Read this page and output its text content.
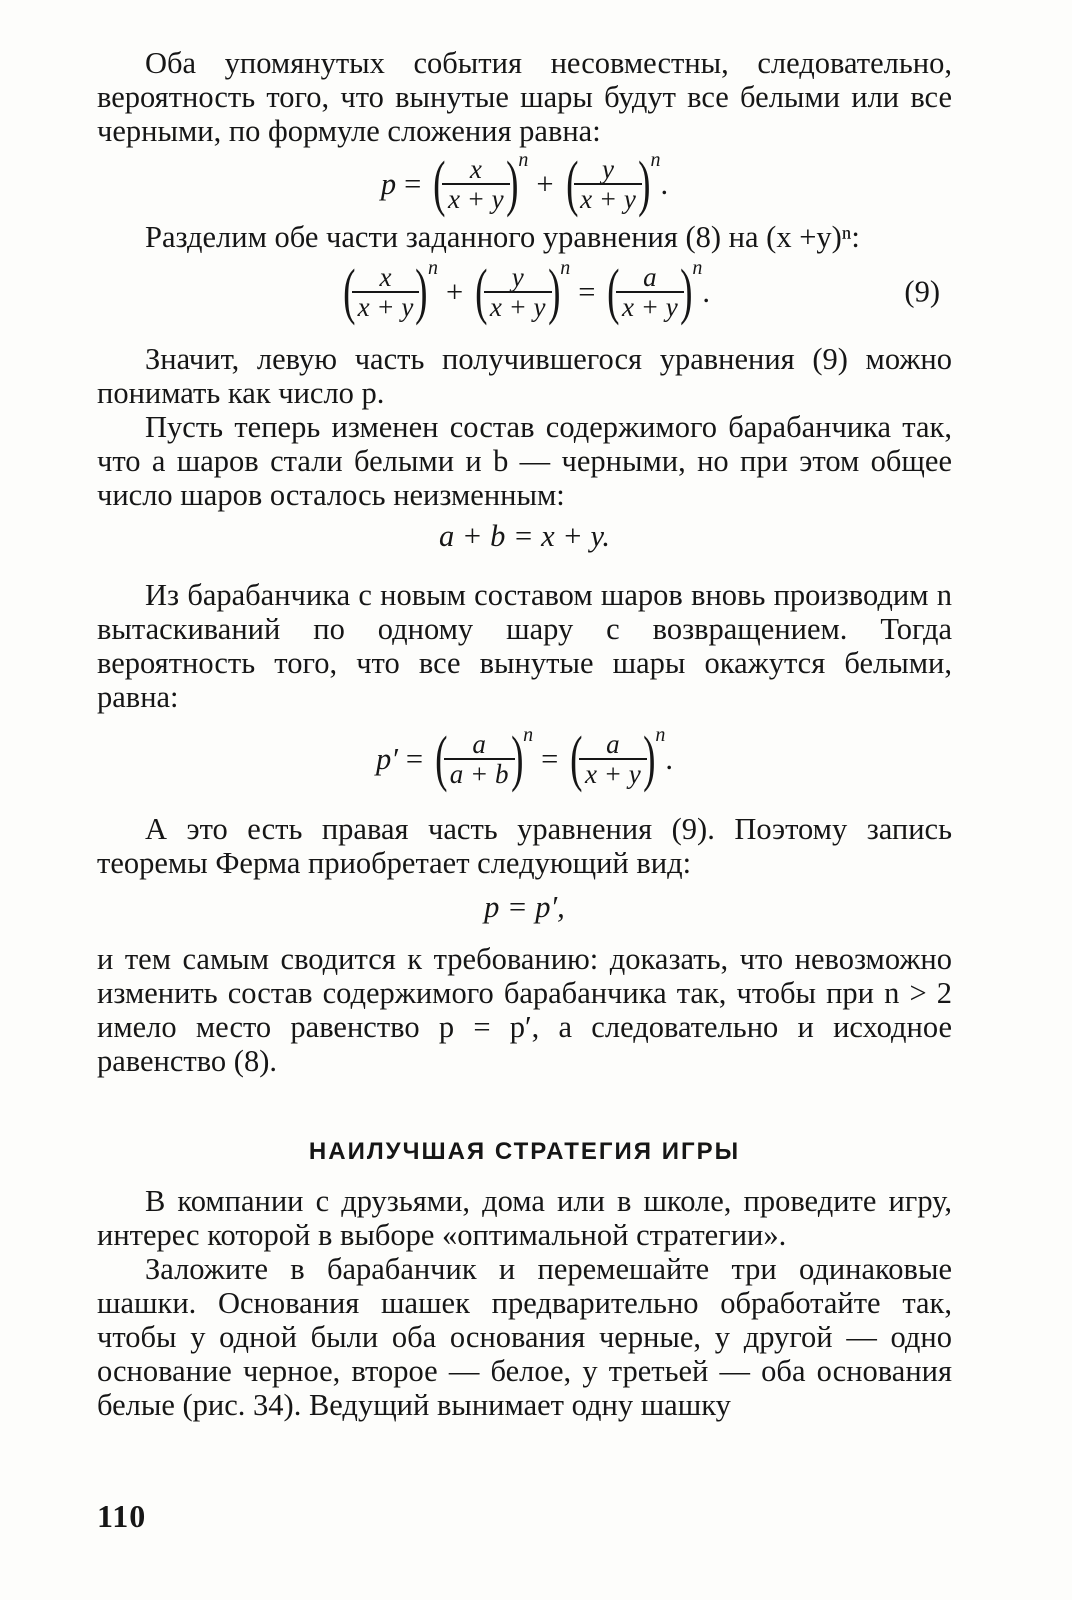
Оба упомянутых события несовместны, следовательно, вероятность того, что вынутые шары будут все белыми или все черными, по формуле сложения равна:

p = (
$\frac{x}{x + y}$
) n
+ (
$\frac{y}{x + y}$
) n
.

Разделим обе части заданного уравнения (8) на (x +y)ⁿ:

(
$\frac{x}{x + y}$
) n
+ (
$\frac{y}{x + y}$
) n
= (
$\frac{a}{x + y}$
) n
.	(9)

Значит, левую часть получившегося уравнения (9) можно понимать как число p.

Пусть теперь изменен состав содержимого барабанчика так, что a шаров стали белыми и b — черными, но при этом общее число шаров осталось неизменным:

a + b = x + y.

Из барабанчика с новым составом шаров вновь производим n вытаскиваний по одному шару с возвращением. Тогда вероятность того, что все вынутые шары окажутся белыми, равна:

p′ = (
$\frac{a}{a + b}$
) n
= (
$\frac{a}{x + y}$
) n
.

А это есть правая часть уравнения (9). Поэтому запись теоремы Ферма приобретает следующий вид:

p = p′,

и тем самым сводится к требованию: доказать, что невозможно изменить состав содержимого барабанчика так, чтобы при n > 2 имело место равенство p = p′, а следовательно и исходное равенство (8).

НАИЛУЧШАЯ СТРАТЕГИЯ ИГРЫ

В компании с друзьями, дома или в школе, проведите игру, интерес которой в выборе «оптимальной стратегии».

Заложите в барабанчик и перемешайте три одинаковые шашки. Основания шашек предварительно обработайте так, чтобы у одной были оба основания черные, у другой — одно основание черное, второе — белое, у третьей — оба основания белые (рис. 34). Ведущий вынимает одну шашку

110
